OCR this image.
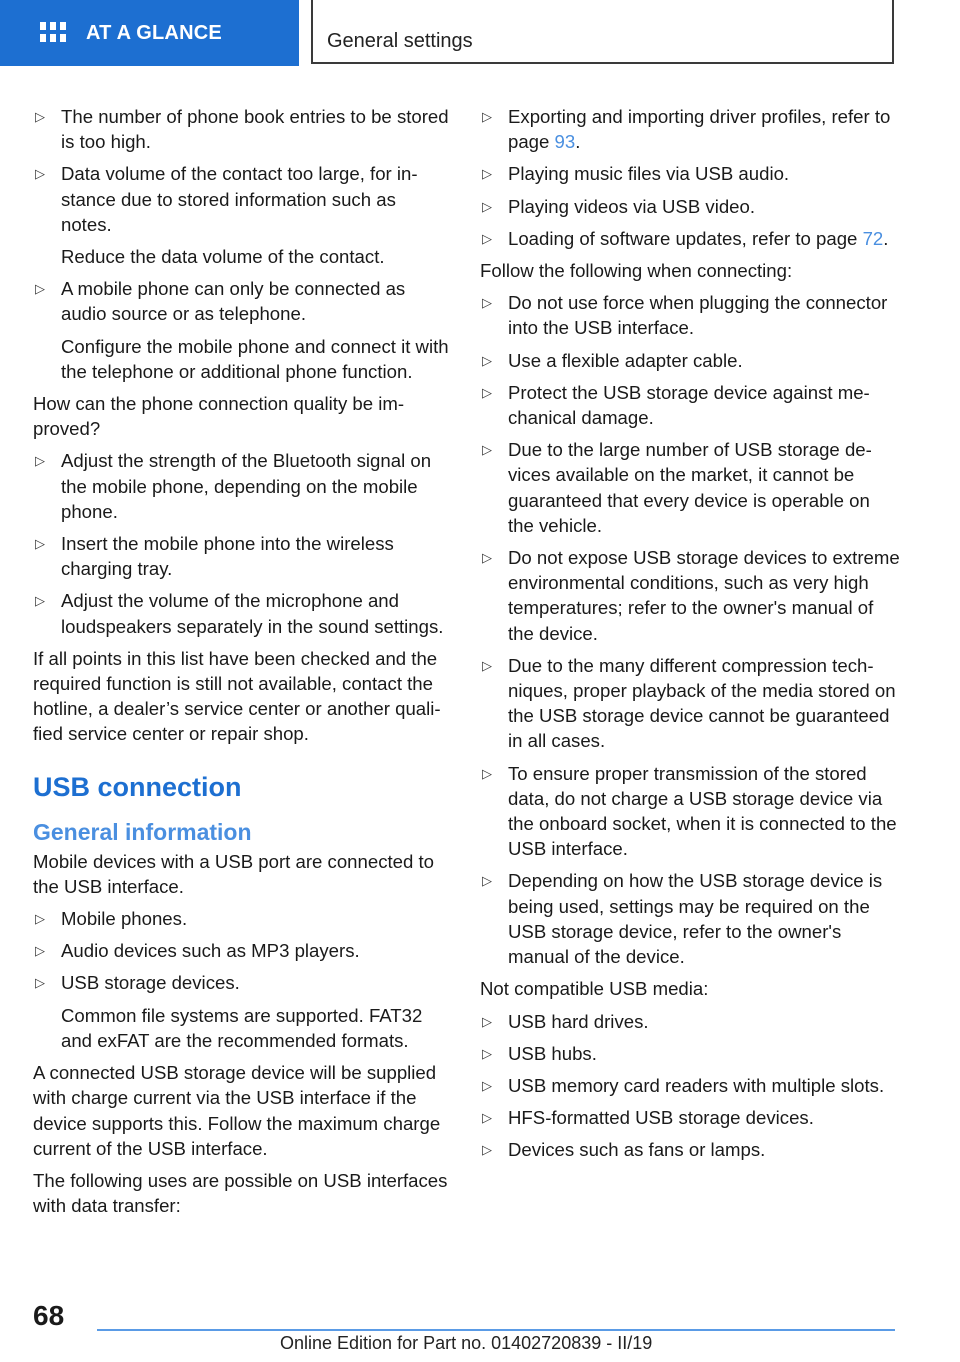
AT A GLANCE	General settings
▷ The number of phone book entries to be stored is too high.
▷ Data volume of the contact too large, for instance due to stored information such as notes.
Reduce the data volume of the contact.
▷ A mobile phone can only be connected as audio source or as telephone.
Configure the mobile phone and connect it with the telephone or additional phone function.

How can the phone connection quality be improved?

▷ Adjust the strength of the Bluetooth signal on the mobile phone, depending on the mobile phone.
▷ Insert the mobile phone into the wireless charging tray.
▷ Adjust the volume of the microphone and loudspeakers separately in the sound settings.

If all points in this list have been checked and the required function is still not available, contact the hotline, a dealer’s service center or another qualified service center or repair shop.

USB connection
General information

Mobile devices with a USB port are connected to the USB interface.

▷ Mobile phones.
▷ Audio devices such as MP3 players.
▷ USB storage devices.
Common file systems are supported. FAT32 and exFAT are the recommended formats.

A connected USB storage device will be supplied with charge current via the USB interface if the device supports this. Follow the maximum charge current of the USB interface.

The following uses are possible on USB interfaces with data transfer:

▷ Exporting and importing driver profiles, refer to page 93.
▷ Playing music files via USB audio.
▷ Playing videos via USB video.
▷ Loading of software updates, refer to page 72.

Follow the following when connecting:

▷ Do not use force when plugging the connector into the USB interface.
▷ Use a flexible adapter cable.
▷ Protect the USB storage device against mechanical damage.
▷ Due to the large number of USB storage devices available on the market, it cannot be guaranteed that every device is operable on the vehicle.
▷ Do not expose USB storage devices to extreme environmental conditions, such as very high temperatures; refer to the owner's manual of the device.
▷ Due to the many different compression techniques, proper playback of the media stored on the USB storage device cannot be guaranteed in all cases.
▷ To ensure proper transmission of the stored data, do not charge a USB storage device via the onboard socket, when it is connected to the USB interface.
▷ Depending on how the USB storage device is being used, settings may be required on the USB storage device, refer to the owner's manual of the device.

Not compatible USB media:

▷ USB hard drives.
▷ USB hubs.
▷ USB memory card readers with multiple slots.
▷ HFS-formatted USB storage devices.
▷ Devices such as fans or lamps.
68
Online Edition for Part no. 01402720839 - II/19
